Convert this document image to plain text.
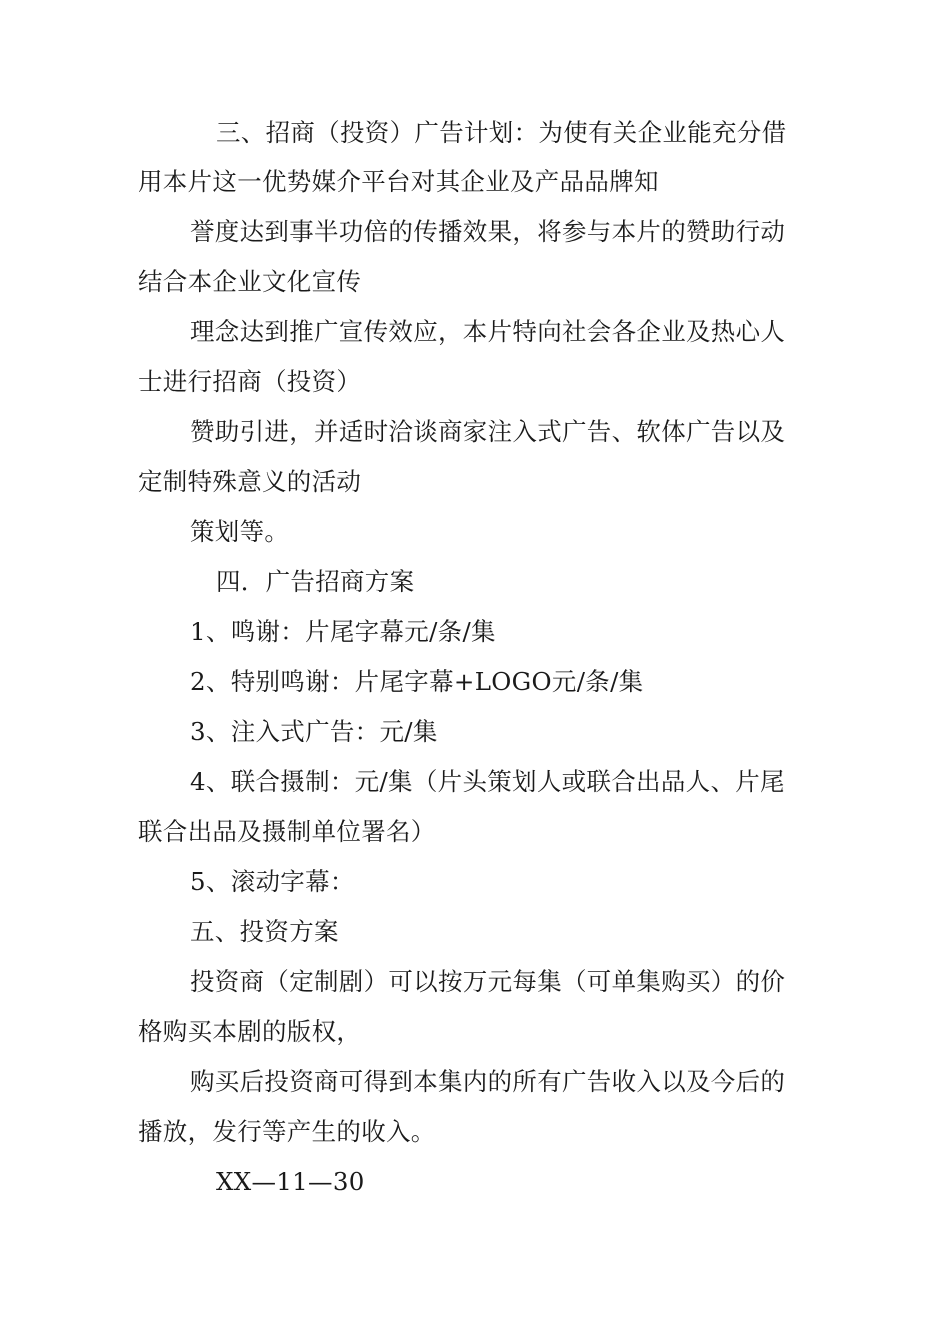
三、招商（投资）广告计划：为使有关企业能充分借
用本片这一优势媒介平台对其企业及产品品牌知
誉度达到事半功倍的传播效果，将参与本片的赞助行动
结合本企业文化宣传
理念达到推广宣传效应，本片特向社会各企业及热心人
士进行招商（投资）
赞助引进，并适时洽谈商家注入式广告、软体广告以及
定制特殊意义的活动
策划等。
四．广告招商方案
1、鸣谢：片尾字幕元/条/集
2、特别鸣谢：片尾字幕+LOGO元/条/集
3、注入式广告：元/集
4、联合摄制：元/集（片头策划人或联合出品人、片尾
联合出品及摄制单位署名）
5、滚动字幕：
五、投资方案
投资商（定制剧）可以按万元每集（可单集购买）的价
格购买本剧的版权，
购买后投资商可得到本集内的所有广告收入以及今后的
播放，发行等产生的收入。
XX—11—30
